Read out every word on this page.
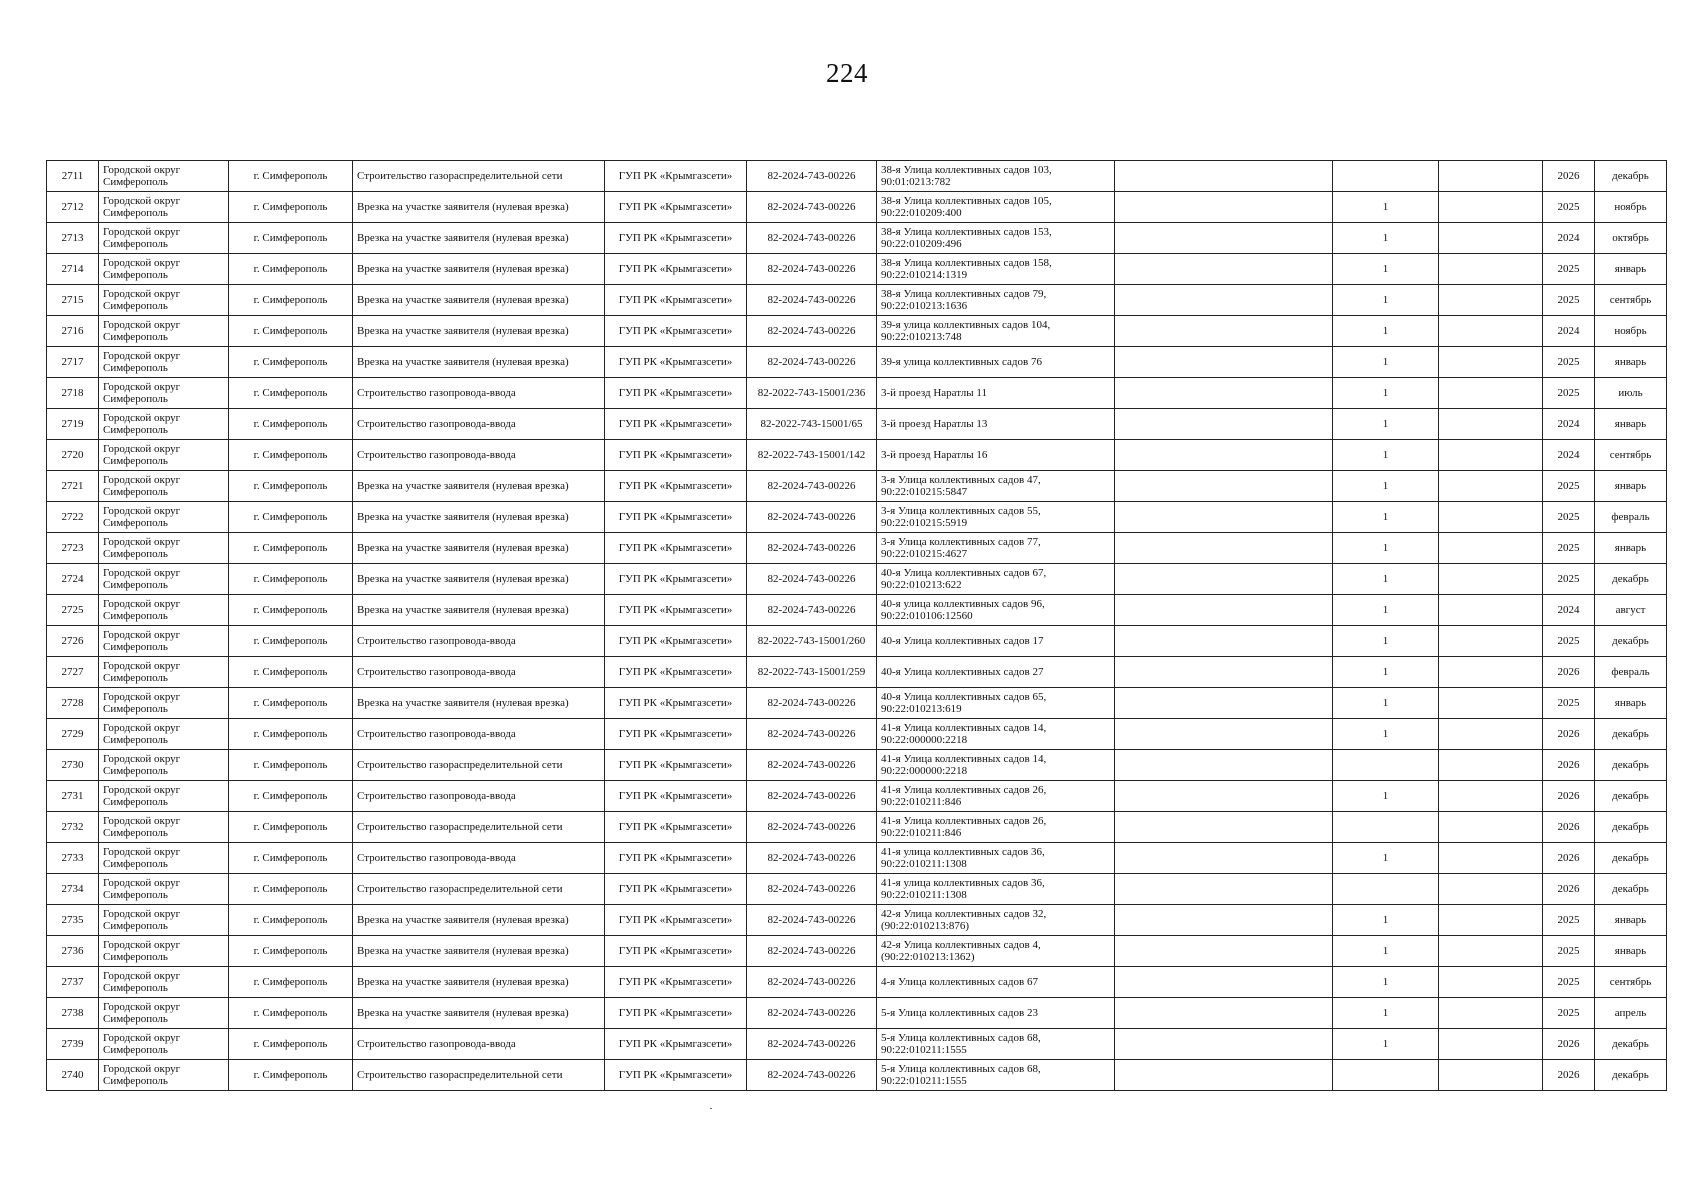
224
2711	Городской округ Симферополь	г. Симферополь	Строительство газораспределительной сети	ГУП РК «Крымгазсети»	82-2024-743-00226	38-я Улица коллективных садов 103, 90:01:0213:782				2026	декабрь
2712	Городской округ Симферополь	г. Симферополь	Врезка на участке заявителя (нулевая врезка)	ГУП РК «Крымгазсети»	82-2024-743-00226	38-я Улица коллективных садов 105, 90:22:010209:400		1		2025	ноябрь
2713	Городской округ Симферополь	г. Симферополь	Врезка на участке заявителя (нулевая врезка)	ГУП РК «Крымгазсети»	82-2024-743-00226	38-я Улица коллективных садов 153, 90:22:010209:496		1		2024	октябрь
2714	Городской округ Симферополь	г. Симферополь	Врезка на участке заявителя (нулевая врезка)	ГУП РК «Крымгазсети»	82-2024-743-00226	38-я Улица коллективных садов 158, 90:22:010214:1319		1		2025	январь
2715	Городской округ Симферополь	г. Симферополь	Врезка на участке заявителя (нулевая врезка)	ГУП РК «Крымгазсети»	82-2024-743-00226	38-я Улица коллективных садов 79, 90:22:010213:1636		1		2025	сентябрь
2716	Городской округ Симферополь	г. Симферополь	Врезка на участке заявителя (нулевая врезка)	ГУП РК «Крымгазсети»	82-2024-743-00226	39-я улица коллективных садов 104, 90:22:010213:748		1		2024	ноябрь
2717	Городской округ Симферополь	г. Симферополь	Врезка на участке заявителя (нулевая врезка)	ГУП РК «Крымгазсети»	82-2024-743-00226	39-я улица коллективных садов 76		1		2025	январь
2718	Городской округ Симферополь	г. Симферополь	Строительство газопровода-ввода	ГУП РК «Крымгазсети»	82-2022-743-15001/236	3-й проезд Наратлы 11		1		2025	июль
2719	Городской округ Симферополь	г. Симферополь	Строительство газопровода-ввода	ГУП РК «Крымгазсети»	82-2022-743-15001/65	3-й проезд Наратлы 13		1		2024	январь
2720	Городской округ Симферополь	г. Симферополь	Строительство газопровода-ввода	ГУП РК «Крымгазсети»	82-2022-743-15001/142	3-й проезд Наратлы 16		1		2024	сентябрь
2721	Городской округ Симферополь	г. Симферополь	Врезка на участке заявителя (нулевая врезка)	ГУП РК «Крымгазсети»	82-2024-743-00226	3-я Улица коллективных садов 47, 90:22:010215:5847		1		2025	январь
2722	Городской округ Симферополь	г. Симферополь	Врезка на участке заявителя (нулевая врезка)	ГУП РК «Крымгазсети»	82-2024-743-00226	3-я Улица коллективных садов 55, 90:22:010215:5919		1		2025	февраль
2723	Городской округ Симферополь	г. Симферополь	Врезка на участке заявителя (нулевая врезка)	ГУП РК «Крымгазсети»	82-2024-743-00226	3-я Улица коллективных садов 77, 90:22:010215:4627		1		2025	январь
2724	Городской округ Симферополь	г. Симферополь	Врезка на участке заявителя (нулевая врезка)	ГУП РК «Крымгазсети»	82-2024-743-00226	40-я Улица коллективных садов 67, 90:22:010213:622		1		2025	декабрь
2725	Городской округ Симферополь	г. Симферополь	Врезка на участке заявителя (нулевая врезка)	ГУП РК «Крымгазсети»	82-2024-743-00226	40-я улица коллективных садов 96, 90:22:010106:12560		1		2024	август
2726	Городской округ Симферополь	г. Симферополь	Строительство газопровода-ввода	ГУП РК «Крымгазсети»	82-2022-743-15001/260	40-я Улица коллективных садов 17		1		2025	декабрь
2727	Городской округ Симферополь	г. Симферополь	Строительство газопровода-ввода	ГУП РК «Крымгазсети»	82-2022-743-15001/259	40-я Улица коллективных садов 27		1		2026	февраль
2728	Городской округ Симферополь	г. Симферополь	Врезка на участке заявителя (нулевая врезка)	ГУП РК «Крымгазсети»	82-2024-743-00226	40-я Улица коллективных садов 65, 90:22:010213:619		1		2025	январь
2729	Городской округ Симферополь	г. Симферополь	Строительство газопровода-ввода	ГУП РК «Крымгазсети»	82-2024-743-00226	41-я Улица коллективных садов 14, 90:22:000000:2218		1		2026	декабрь
2730	Городской округ Симферополь	г. Симферополь	Строительство газораспределительной сети	ГУП РК «Крымгазсети»	82-2024-743-00226	41-я Улица коллективных садов 14, 90:22:000000:2218				2026	декабрь
2731	Городской округ Симферополь	г. Симферополь	Строительство газопровода-ввода	ГУП РК «Крымгазсети»	82-2024-743-00226	41-я Улица коллективных садов 26, 90:22:010211:846		1		2026	декабрь
2732	Городской округ Симферополь	г. Симферополь	Строительство газораспределительной сети	ГУП РК «Крымгазсети»	82-2024-743-00226	41-я Улица коллективных садов 26, 90:22:010211:846				2026	декабрь
2733	Городской округ Симферополь	г. Симферополь	Строительство газопровода-ввода	ГУП РК «Крымгазсети»	82-2024-743-00226	41-я улица коллективных садов 36, 90:22:010211:1308		1		2026	декабрь
2734	Городской округ Симферополь	г. Симферополь	Строительство газораспределительной сети	ГУП РК «Крымгазсети»	82-2024-743-00226	41-я улица коллективных садов 36, 90:22:010211:1308				2026	декабрь
2735	Городской округ Симферополь	г. Симферополь	Врезка на участке заявителя (нулевая врезка)	ГУП РК «Крымгазсети»	82-2024-743-00226	42-я Улица коллективных садов 32, (90:22:010213:876)		1		2025	январь
2736	Городской округ Симферополь	г. Симферополь	Врезка на участке заявителя (нулевая врезка)	ГУП РК «Крымгазсети»	82-2024-743-00226	42-я Улица коллективных садов 4, (90:22:010213:1362)		1		2025	январь
2737	Городской округ Симферополь	г. Симферополь	Врезка на участке заявителя (нулевая врезка)	ГУП РК «Крымгазсети»	82-2024-743-00226	4-я Улица коллективных садов 67		1		2025	сентябрь
2738	Городской округ Симферополь	г. Симферополь	Врезка на участке заявителя (нулевая врезка)	ГУП РК «Крымгазсети»	82-2024-743-00226	5-я Улица коллективных садов 23		1		2025	апрель
2739	Городской округ Симферополь	г. Симферополь	Строительство газопровода-ввода	ГУП РК «Крымгазсети»	82-2024-743-00226	5-я Улица коллективных садов 68, 90:22:010211:1555		1		2026	декабрь
2740	Городской округ Симферополь	г. Симферополь	Строительство газораспределительной сети	ГУП РК «Крымгазсети»	82-2024-743-00226	5-я Улица коллективных садов 68, 90:22:010211:1555				2026	декабрь
